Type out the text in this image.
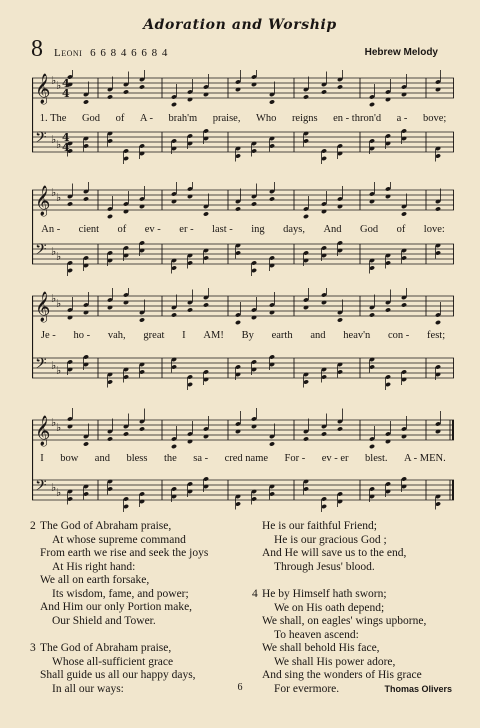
Adoration and Worship
8 Leoni 6 6 8 4 6 6 8 4	Hebrew Melody
𝄞 ♭ ♭
𝄢 ♭ ♭
4
4
4
4
1. The	God	of	A -	brah'm	praise,	Who	reigns	en - thron'd	a -	bove;
𝄞 ♭ ♭
𝄢 ♭ ♭
An -	cient	of	ev -	er -	last -	ing	days,	And	God	of	love:
𝄞 ♭ ♭
𝄢 ♭ ♭
Je -	ho -	vah,	great	I	AM!	By	earth	and	heav'n	con -	fest;
𝄞 ♭ ♭
𝄢 ♭ ♭
I	bow	and	bless	the	sa -	cred name	For -	ev - er	blest.	A - MEN.
2 The God of Abraham praise,
At whose supreme command
From earth we rise and seek the joys
At His right hand:
We all on earth forsake,
Its wisdom, fame, and power;
And Him our only Portion make,
Our Shield and Tower.
3 The God of Abraham praise,
Whose all-sufficient grace
Shall guide us all our happy days,
In all our ways:
He is our faithful Friend;
He is our gracious God ;
And He will save us to the end,
Through Jesus' blood.
4 He by Himself hath sworn;
We on His oath depend;
We shall, on eagles' wings upborne,
To heaven ascend:
We shall behold His face,
We shall His power adore,
And sing the wonders of His grace
For evermore.
6	Thomas Olivers
